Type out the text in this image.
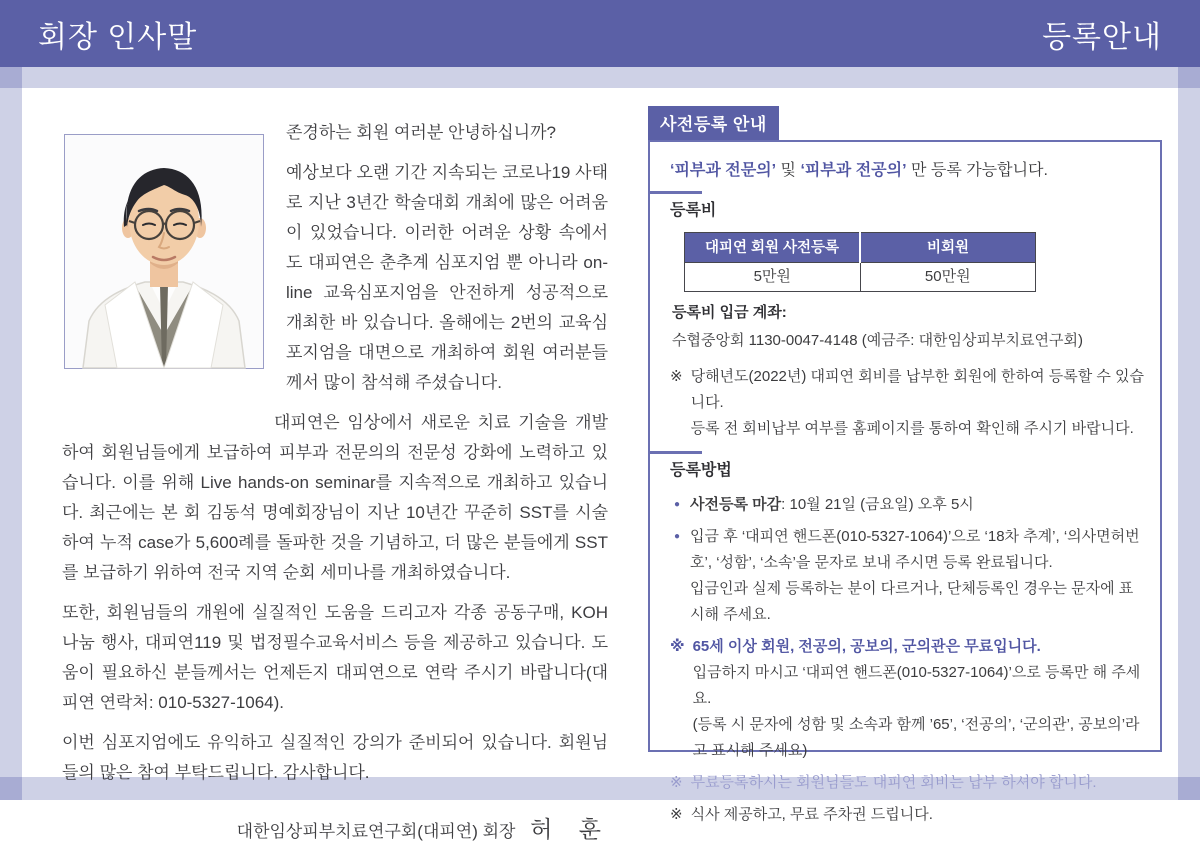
회장 인사말	등록안내

존경하는 회원 여러분 안녕하십니까?

예상보다 오랜 기간 지속되는 코로나19 사태로 지난 3년간 학술대회 개최에 많은 어려움이 있었습니다. 이러한 어려운 상황 속에서도 대피연은 춘추계 심포지엄 뿐 아니라 on-line 교육심포지엄을 안전하게 성공적으로 개최한 바 있습니다. 올해에는 2번의 교육심포지엄을 대면으로 개최하여 회원 여러분들께서 많이 참석해 주셨습니다.

대피연은 임상에서 새로운 치료 기술을 개발하여 회원님들에게 보급하여 피부과 전문의의 전문성 강화에 노력하고 있습니다. 이를 위해 Live hands-on seminar를 지속적으로 개최하고 있습니다. 최근에는 본 회 김동석 명예회장님이 지난 10년간 꾸준히 SST를 시술하여 누적 case가 5,600례를 돌파한 것을 기념하고, 더 많은 분들에게 SST를 보급하기 위하여 전국 지역 순회 세미나를 개최하였습니다.

또한, 회원님들의 개원에 실질적인 도움을 드리고자 각종 공동구매, KOH 나눔 행사, 대피연119 및 법정필수교육서비스 등을 제공하고 있습니다. 도움이 필요하신 분들께서는 언제든지 대피연으로 연락 주시기 바랍니다(대피연 연락처: 010-5327-1064).

이번 심포지엄에도 유익하고 실질적인 강의가 준비되어 있습니다. 회원님들의 많은 참여 부탁드립니다. 감사합니다.

대한임상피부치료연구회(대피연) 회장 허 훈
사전등록 안내
‘피부과 전문의’ 및 ‘피부과 전공의’ 만 등록 가능합니다.
등록비
대피연 회원 사전등록	비회원
5만원	50만원
등록비 입금 계좌:
수협중앙회 1130-0047-4148 (예금주: 대한임상피부치료연구회)
※ 당해년도(2022년) 대피연 회비를 납부한 회원에 한하여 등록할 수 있습니다.
등록 전 회비납부 여부를 홈페이지를 통하여 확인해 주시기 바랍니다.
등록방법
● 사전등록 마감: 10월 21일 (금요일) 오후 5시
● 입금 후 ‘대피연 핸드폰(010-5327-1064)’으로 ‘18차 추계’, ‘의사면허번호’, ‘성함’, ‘소속’을 문자로 보내 주시면 등록 완료됩니다.
입금인과 실제 등록하는 분이 다르거나, 단체등록인 경우는 문자에 표시해 주세요.
※ 65세 이상 회원, 전공의, 공보의, 군의관은 무료입니다.
입금하지 마시고 ‘대피연 핸드폰(010-5327-1064)’으로 등록만 해 주세요.
(등록 시 문자에 성함 및 소속과 함께 ’65’, ‘전공의’, ‘군의관’, 공보의’라고 표시해 주세요)
※ 무료등록하시는 회원님들도 대피연 회비는 납부 하셔야 합니다.
※ 식사 제공하고, 무료 주차권 드립니다.
